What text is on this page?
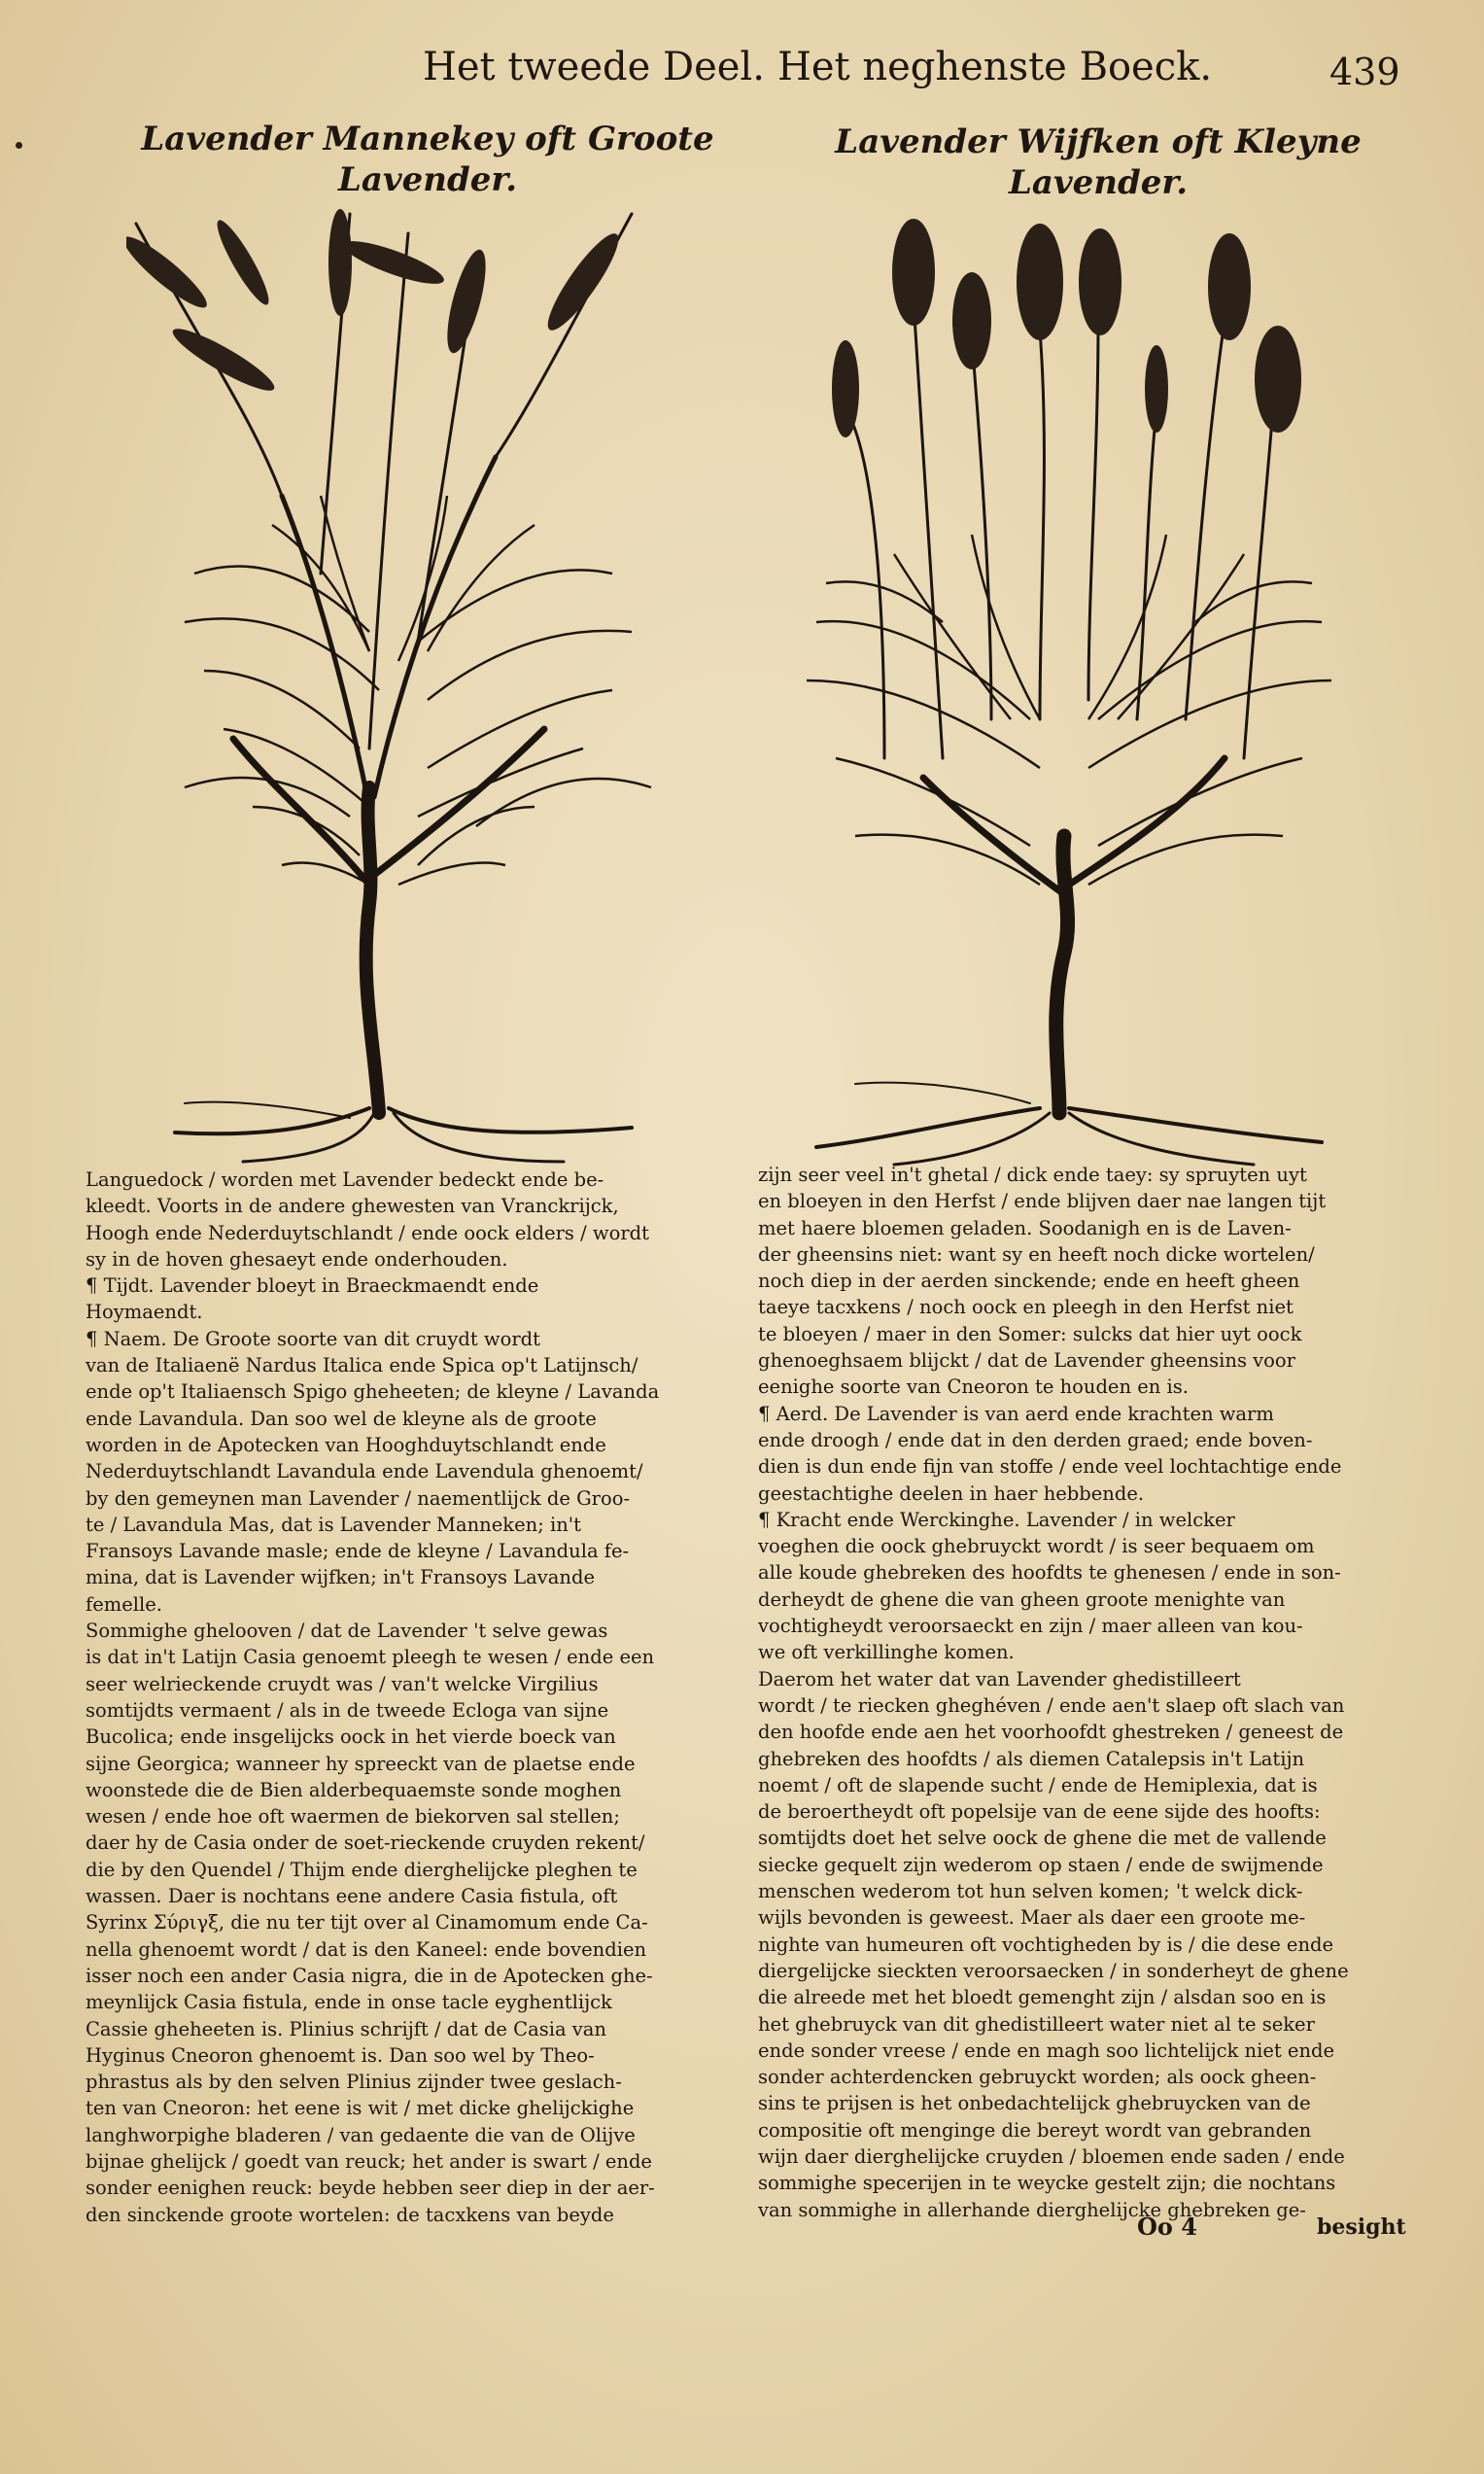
Het tweede Deel. Het neghenste Boeck.	439
Lavender Mannekey oft Groote
Lavender.
Lavender Wijfken oft Kleyne
Lavender.

Languedock / worden met Lavender bedeckt ende be-

kleedt. Voorts in de andere ghewesten van Vranckrijck,

Hoogh ende Nederduytschlandt / ende oock elders / wordt

sy in de hoven ghesaeyt ende onderhouden.

¶ Tijdt. Lavender bloeyt in Braeckmaendt ende

Hoymaendt.

¶ Naem. De Groote soorte van dit cruydt wordt

van de Italiaenë Nardus Italica ende Spica op't Latijnsch/

ende op't Italiaensch Spigo gheheeten; de kleyne / Lavanda

ende Lavandula. Dan soo wel de kleyne als de groote

worden in de Apotecken van Hooghduytschlandt ende

Nederduytschlandt Lavandula ende Lavendula ghenoemt/

by den gemeynen man Lavender / naementlijck de Groo-

te / Lavandula Mas, dat is Lavender Manneken; in't

Fransoys Lavande masle; ende de kleyne / Lavandula fe-

mina, dat is Lavender wijfken; in't Fransoys Lavande

femelle.

Sommighe ghelooven / dat de Lavender 't selve gewas

is dat in't Latijn Casia genoemt pleegh te wesen / ende een

seer welrieckende cruydt was / van't welcke Virgilius

somtijdts vermaent / als in de tweede Ecloga van sijne

Bucolica; ende insgelijcks oock in het vierde boeck van

sijne Georgica; wanneer hy spreeckt van de plaetse ende

woonstede die de Bien alderbequaemste sonde moghen

wesen / ende hoe oft waermen de biekorven sal stellen;

daer hy de Casia onder de soet-rieckende cruyden rekent/

die by den Quendel / Thijm ende dierghelijcke pleghen te

wassen. Daer is nochtans eene andere Casia fistula, oft

Syrinx Σύριγξ, die nu ter tijt over al Cinamomum ende Ca-

nella ghenoemt wordt / dat is den Kaneel: ende bovendien

isser noch een ander Casia nigra, die in de Apotecken ghe-

meynlijck Casia fistula, ende in onse tacle eyghentlijck

Cassie gheheeten is. Plinius schrijft / dat de Casia van

Hyginus Cneoron ghenoemt is. Dan soo wel by Theo-

phrastus als by den selven Plinius zijnder twee geslach-

ten van Cneoron: het eene is wit / met dicke ghelijckighe

langhworpighe bladeren / van gedaente die van de Olijve

bijnae ghelijck / goedt van reuck; het ander is swart / ende

sonder eenighen reuck: beyde hebben seer diep in der aer-

den sinckende groote wortelen: de tacxkens van beyde

zijn seer veel in't ghetal / dick ende taey: sy spruyten uyt

en bloeyen in den Herfst / ende blijven daer nae langen tijt

met haere bloemen geladen. Soodanigh en is de Laven-

der gheensins niet: want sy en heeft noch dicke wortelen/

noch diep in der aerden sinckende; ende en heeft gheen

taeye tacxkens / noch oock en pleegh in den Herfst niet

te bloeyen / maer in den Somer: sulcks dat hier uyt oock

ghenoeghsaem blijckt / dat de Lavender gheensins voor

eenighe soorte van Cneoron te houden en is.

¶ Aerd. De Lavender is van aerd ende krachten warm

ende droogh / ende dat in den derden graed; ende boven-

dien is dun ende fijn van stoffe / ende veel lochtachtige ende

geestachtighe deelen in haer hebbende.

¶ Kracht ende Werckinghe. Lavender / in welcker

voeghen die oock ghebruyckt wordt / is seer bequaem om

alle koude ghebreken des hoofdts te ghenesen / ende in son-

derheydt de ghene die van gheen groote menighte van

vochtigheydt veroorsaeckt en zijn / maer alleen van kou-

we oft verkillinghe komen.

Daerom het water dat van Lavender ghedistilleert

wordt / te riecken gheghéven / ende aen't slaep oft slach van

den hoofde ende aen het voorhoofdt ghestreken / geneest de

ghebreken des hoofdts / als diemen Catalepsis in't Latijn

noemt / oft de slapende sucht / ende de Hemiplexia, dat is

de beroertheydt oft popelsije van de eene sijde des hoofts:

somtijdts doet het selve oock de ghene die met de vallende

siecke gequelt zijn wederom op staen / ende de swijmende

menschen wederom tot hun selven komen; 't welck dick-

wijls bevonden is geweest. Maer als daer een groote me-

nighte van humeuren oft vochtigheden by is / die dese ende

diergelijcke sieckten veroorsaecken / in sonderheyt de ghene

die alreede met het bloedt gemenght zijn / alsdan soo en is

het ghebruyck van dit ghedistilleert water niet al te seker

ende sonder vreese / ende en magh soo lichtelijck niet ende

sonder achterdencken gebruyckt worden; als oock gheen-

sins te prijsen is het onbedachtelijck ghebruycken van de

compositie oft menginge die bereyt wordt van gebranden

wijn daer dierghelijcke cruyden / bloemen ende saden / ende

sommighe specerijen in te weycke gestelt zijn; die nochtans

van sommighe in allerhande dierghelijcke ghebreken ge-

Oo 4	besight
